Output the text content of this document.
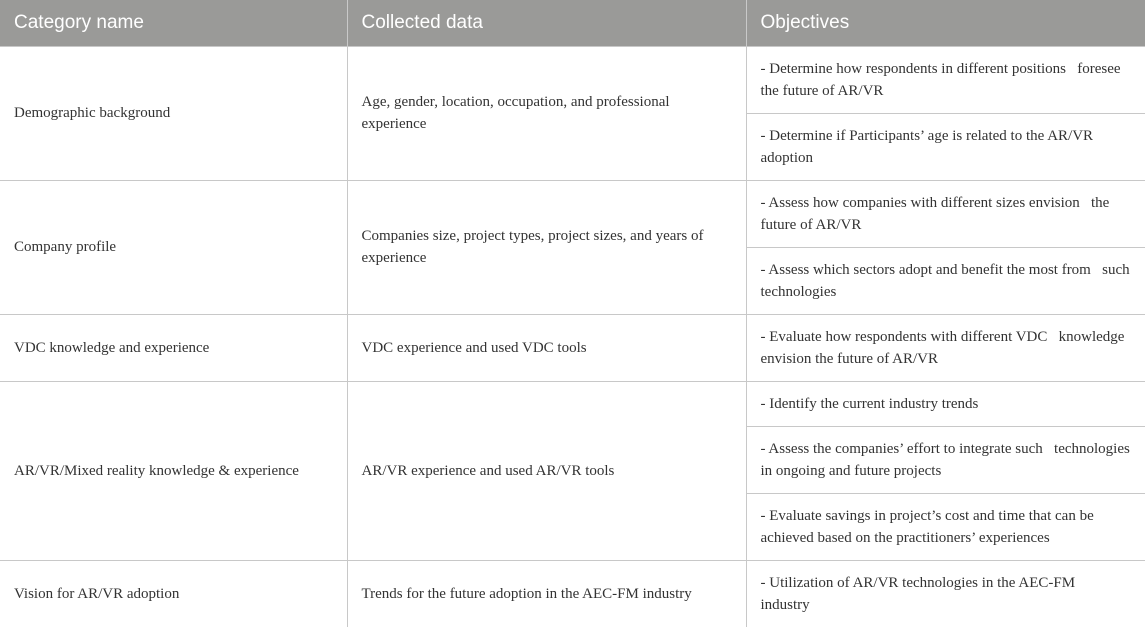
Category name	Collected data	Objectives
Demographic background	Age, gender, location, occupation, and professional experience	- Determine how respondents in different positions   foresee the future of AR/VR
		- Determine if Participants’ age is related to the AR/VR   adoption
Company profile	Companies size, project types, project sizes, and years of experience	- Assess how companies with different sizes envision   the future of AR/VR
		- Assess which sectors adopt and benefit the most from   such technologies
VDC knowledge and experience	VDC experience and used VDC tools	- Evaluate how respondents with different VDC   knowledge envision the future of AR/VR
AR/VR/Mixed reality knowledge & experience	AR/VR experience and used AR/VR tools	- Identify the current industry trends
		- Assess the companies’ effort to integrate such   technologies in ongoing and future projects
		- Evaluate savings in project’s cost and time that can be   achieved based on the practitioners’ experiences
Vision for AR/VR adoption	Trends for the future adoption in the AEC-FM industry	- Utilization of AR/VR technologies in the AEC-FM   industry
